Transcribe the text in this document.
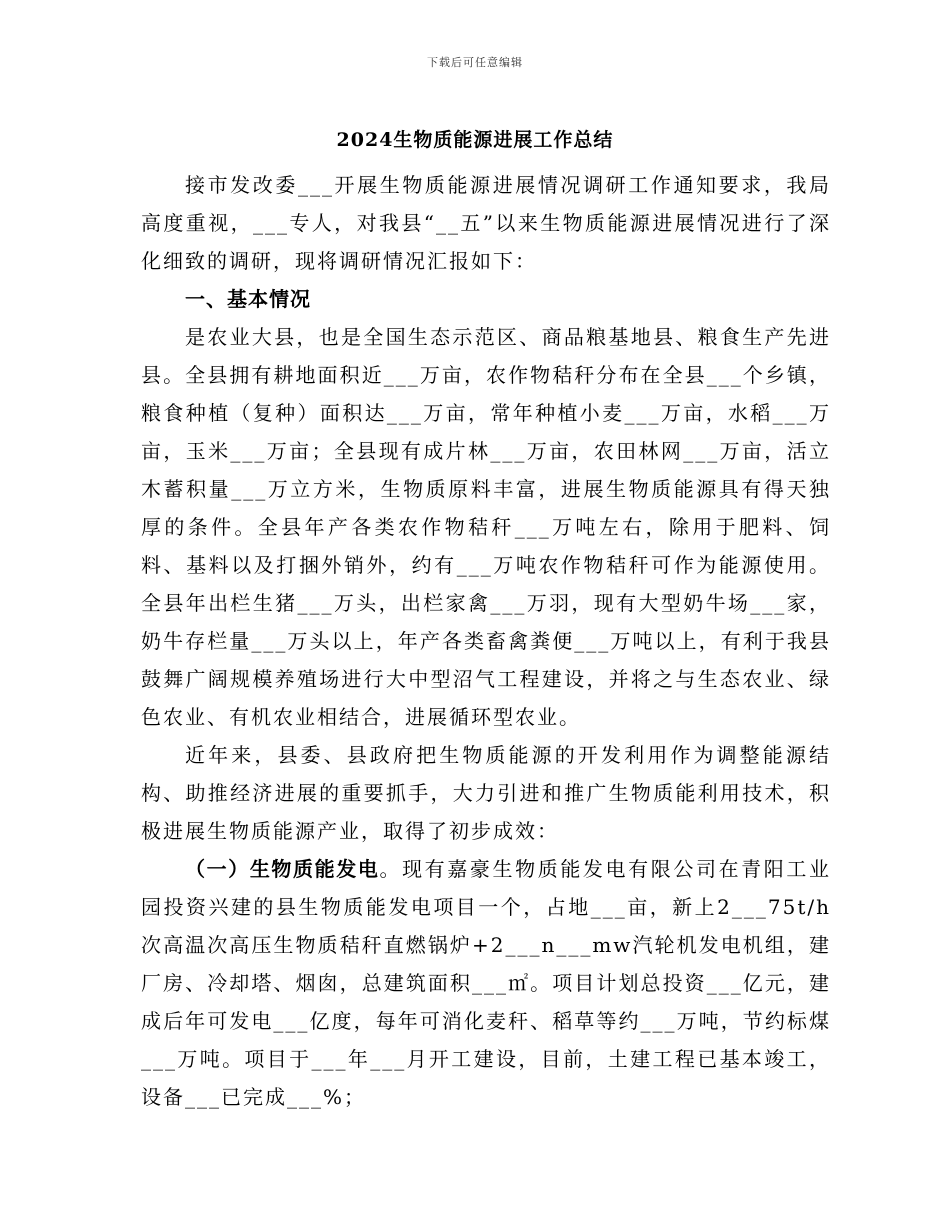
下载后可任意编辑
2024生物质能源进展工作总结

接市发改委___开展生物质能源进展情况调研工作通知要求，我局高度重视，___专人，对我县“__五”以来生物质能源进展情况进行了深化细致的调研，现将调研情况汇报如下：

一、基本情况

是农业大县，也是全国生态示范区、商品粮基地县、粮食生产先进县。全县拥有耕地面积近___万亩，农作物秸秆分布在全县___个乡镇，粮食种植（复种）面积达___万亩，常年种植小麦___万亩，水稻___万亩，玉米___万亩；全县现有成片林___万亩，农田林网___万亩，活立木蓄积量___万立方米，生物质原料丰富，进展生物质能源具有得天独厚的条件。全县年产各类农作物秸秆___万吨左右，除用于肥料、饲料、基料以及打捆外销外，约有___万吨农作物秸秆可作为能源使用。全县年出栏生猪___万头，出栏家禽___万羽，现有大型奶牛场___家，奶牛存栏量___万头以上，年产各类畜禽粪便___万吨以上，有利于我县鼓舞广阔规模养殖场进行大中型沼气工程建设，并将之与生态农业、绿色农业、有机农业相结合，进展循环型农业。

近年来，县委、县政府把生物质能源的开发利用作为调整能源结构、助推经济进展的重要抓手，大力引进和推广生物质能利用技术，积极进展生物质能源产业，取得了初步成效：

（一）生物质能发电。现有嘉豪生物质能发电有限公司在青阳工业园投资兴建的县生物质能发电项目一个，占地___亩，新上2___75t/h次高温次高压生物质秸秆直燃锅炉+2___n___mw汽轮机发电机组，建厂房、冷却塔、烟囱，总建筑面积___㎡。项目计划总投资___亿元，建成后年可发电___亿度，每年可消化麦秆、稻草等约___万吨，节约标煤___万吨。项目于___年___月开工建设，目前，土建工程已基本竣工，设备___已完成___%；
